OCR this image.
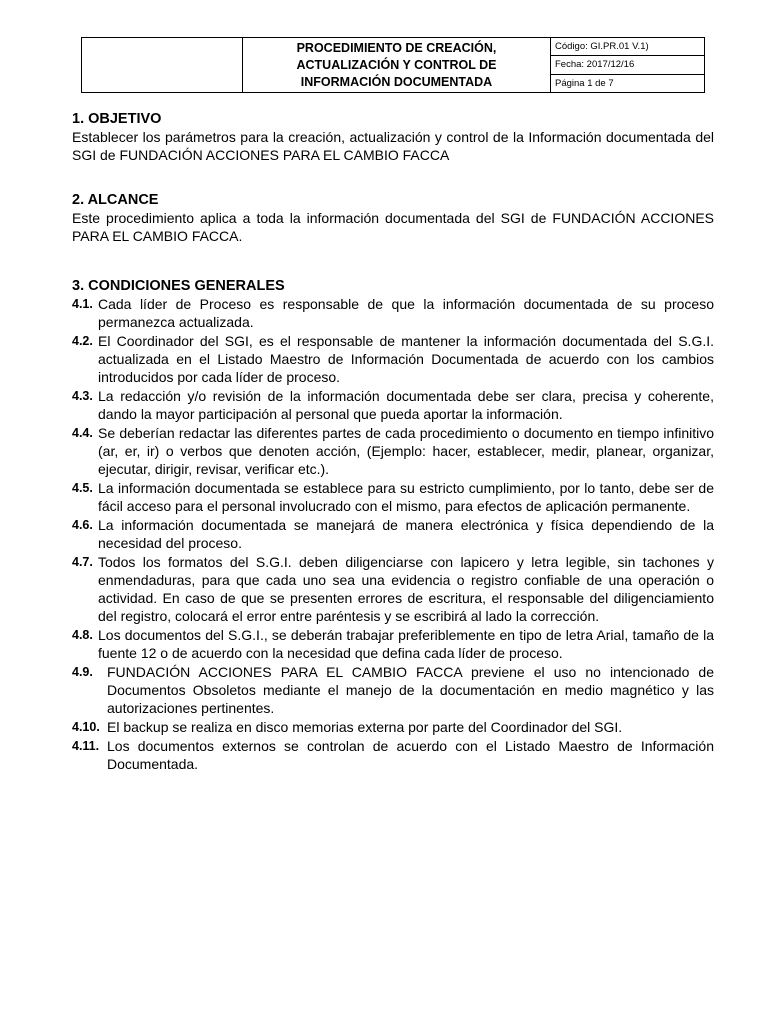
PROCEDIMIENTO DE CREACIÓN,
ACTUALIZACIÓN Y CONTROL DE
INFORMACIÓN DOCUMENTADA
Código: GI.PR.01 V.1)
Fecha: 2017/12/16
Página 1 de 7
1. OBJETIVO

Establecer los parámetros para la creación, actualización y control de la Información documentada del SGI de FUNDACIÓN ACCIONES PARA EL CAMBIO FACCA

2. ALCANCE

Este procedimiento aplica a toda la información documentada del SGI de FUNDACIÓN ACCIONES PARA EL CAMBIO FACCA.

3. CONDICIONES GENERALES
4.1. Cada líder de Proceso es responsable de que la información documentada de su proceso permanezca actualizada.
4.2. El Coordinador del SGI, es el responsable de mantener la información documentada del S.G.I. actualizada en el Listado Maestro de Información Documentada de acuerdo con los cambios introducidos por cada líder de proceso.
4.3. La redacción y/o revisión de la información documentada debe ser clara, precisa y coherente, dando la mayor participación al personal que pueda aportar la información.
4.4. Se deberían redactar las diferentes partes de cada procedimiento o documento en tiempo infinitivo (ar, er, ir) o verbos que denoten acción, (Ejemplo: hacer, establecer, medir, planear, organizar, ejecutar, dirigir, revisar, verificar etc.).
4.5. La información documentada se establece para su estricto cumplimiento, por lo tanto, debe ser de fácil acceso para el personal involucrado con el mismo, para efectos de aplicación permanente.
4.6. La información documentada se manejará de manera electrónica y física dependiendo de la necesidad del proceso.
4.7. Todos los formatos del S.G.I. deben diligenciarse con lapicero y letra legible, sin tachones y enmendaduras, para que cada uno sea una evidencia o registro confiable de una operación o actividad. En caso de que se presenten errores de escritura, el responsable del diligenciamiento del registro, colocará el error entre paréntesis y se escribirá al lado la corrección.
4.8. Los documentos del S.G.I., se deberán trabajar preferiblemente en tipo de letra Arial, tamaño de la fuente 12 o de acuerdo con la necesidad que defina cada líder de proceso.
4.9.	FUNDACIÓN ACCIONES PARA EL CAMBIO FACCA previene el uso no intencionado de Documentos Obsoletos mediante el manejo de la documentación en medio magnético y las autorizaciones pertinentes.
4.10. El backup se realiza en disco memorias externa por parte del Coordinador del SGI.
4.11. Los documentos externos se controlan de acuerdo con el Listado Maestro de Información Documentada.
